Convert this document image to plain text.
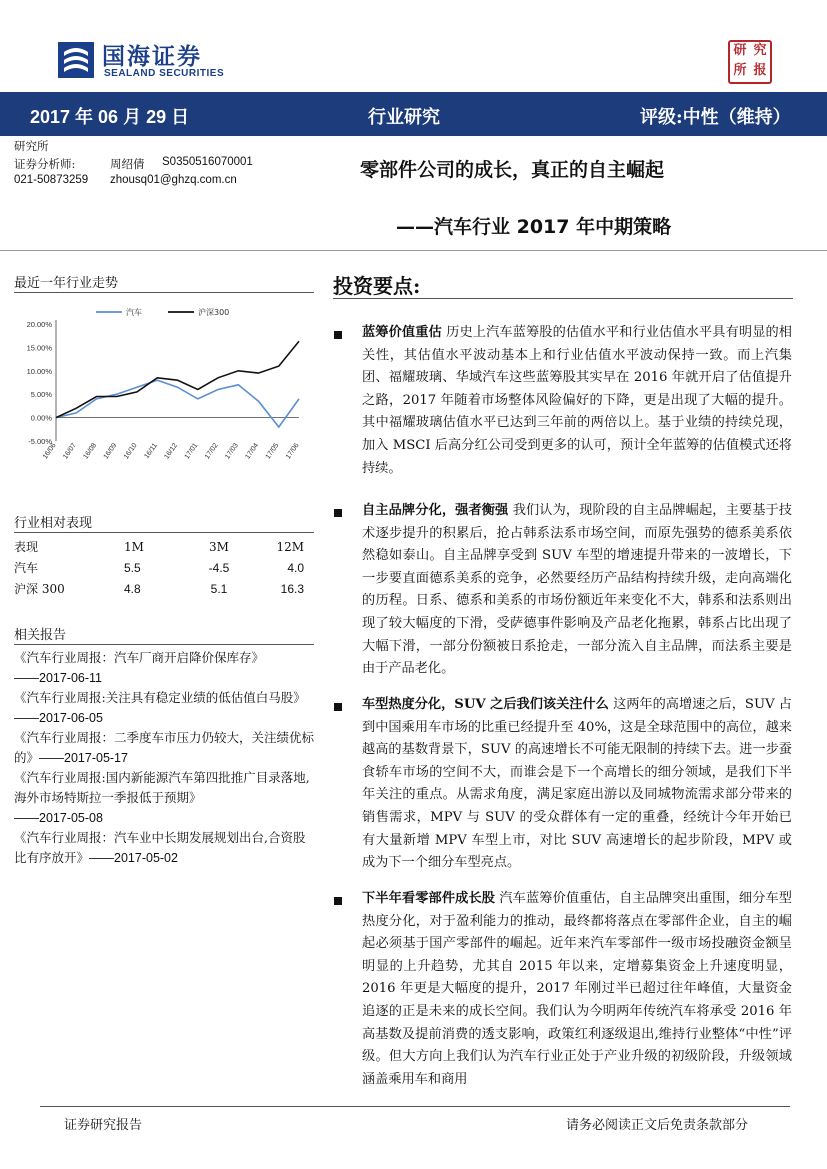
国海证券
SEALAND SECURITIES
研 究
所 报
2017 年 06 月 29 日	行业研究	评级:中性（维持）
研究所
证券分析师:	周绍倩 S0350516070001
021-50873259 zhousq01@ghzq.com.cn	零部件公司的成长，真正的自主崛起
——汽车行业 2017 年中期策略
最近一年行业走势
20.00%
15.00%
10.00%
5.00%
0.00%
-5.00%
16/06 16/07 16/08 16/09 16/10 16/11 16/12 17/01 17/02 17/03 17/04 17/05 17/06
汽车	沪深300
行业相对表现
表现	1M	3M	12M
汽车	5.5	-4.5	4.0
沪深 300	4.8	5.1	16.3
相关报告
《汽车行业周报：汽车厂商开启降价保库存》
——2017-06-11
《汽车行业周报:关注具有稳定业绩的低估值白马股》——2017-06-05
《汽车行业周报：二季度车市压力仍较大，关注绩优标的》——2017-05-17
《汽车行业周报:国内新能源汽车第四批推广目录落地,海外市场特斯拉一季报低于预期》
——2017-05-08
《汽车行业周报：汽车业中长期发展规划出台,合资股比有序放开》——2017-05-02
投资要点:
蓝筹价值重估 历史上汽车蓝筹股的估值水平和行业估值水平具有明显的相关性，其估值水平波动基本上和行业估值水平波动保持一致。而上汽集团、福耀玻璃、华域汽车这些蓝筹股其实早在 2016 年就开启了估值提升之路，2017 年随着市场整体风险偏好的下降，更是出现了大幅的提升。其中福耀玻璃估值水平已达到三年前的两倍以上。基于业绩的持续兑现，加入 MSCI 后高分红公司受到更多的认可，预计全年蓝筹的估值模式还将持续。
自主品牌分化，强者衡强 我们认为，现阶段的自主品牌崛起，主要基于技术逐步提升的积累后，抢占韩系法系市场空间，而原先强势的德系美系依然稳如泰山。自主品牌享受到 SUV 车型的增速提升带来的一波增长，下一步要直面德系美系的竞争，必然要经历产品结构持续升级，走向高端化的历程。日系、德系和美系的市场份额近年来变化不大，韩系和法系则出现了较大幅度的下滑，受萨德事件影响及产品老化拖累，韩系占比出现了大幅下滑，一部分份额被日系抢走，一部分流入自主品牌，而法系主要是由于产品老化。
车型热度分化，SUV 之后我们该关注什么 这两年的高增速之后，SUV 占到中国乘用车市场的比重已经提升至 40%，这是全球范围中的高位，越来越高的基数背景下，SUV 的高速增长不可能无限制的持续下去。进一步蚕食轿车市场的空间不大，而谁会是下一个高增长的细分领域，是我们下半年关注的重点。从需求角度，满足家庭出游以及同城物流需求部分带来的销售需求，MPV 与 SUV 的受众群体有一定的重叠，经统计今年开始已有大量新增 MPV 车型上市，对比 SUV 高速增长的起步阶段，MPV 或成为下一个细分车型亮点。
下半年看零部件成长股 汽车蓝筹价值重估，自主品牌突出重围，细分车型热度分化，对于盈利能力的推动，最终都将落点在零部件企业，自主的崛起必须基于国产零部件的崛起。近年来汽车零部件一级市场投融资金额呈明显的上升趋势，尤其自 2015 年以来，定增募集资金上升速度明显，2016 年更是大幅度的提升，2017 年刚过半已超过往年峰值，大量资金追逐的正是未来的成长空间。我们认为今明两年传统汽车将承受 2016 年高基数及提前消费的透支影响，政策红利逐级退出,维持行业整体“中性”评级。但大方向上我们认为汽车行业正处于产业升级的初级阶段，升级领域涵盖乘用车和商用
证券研究报告	请务必阅读正文后免责条款部分
